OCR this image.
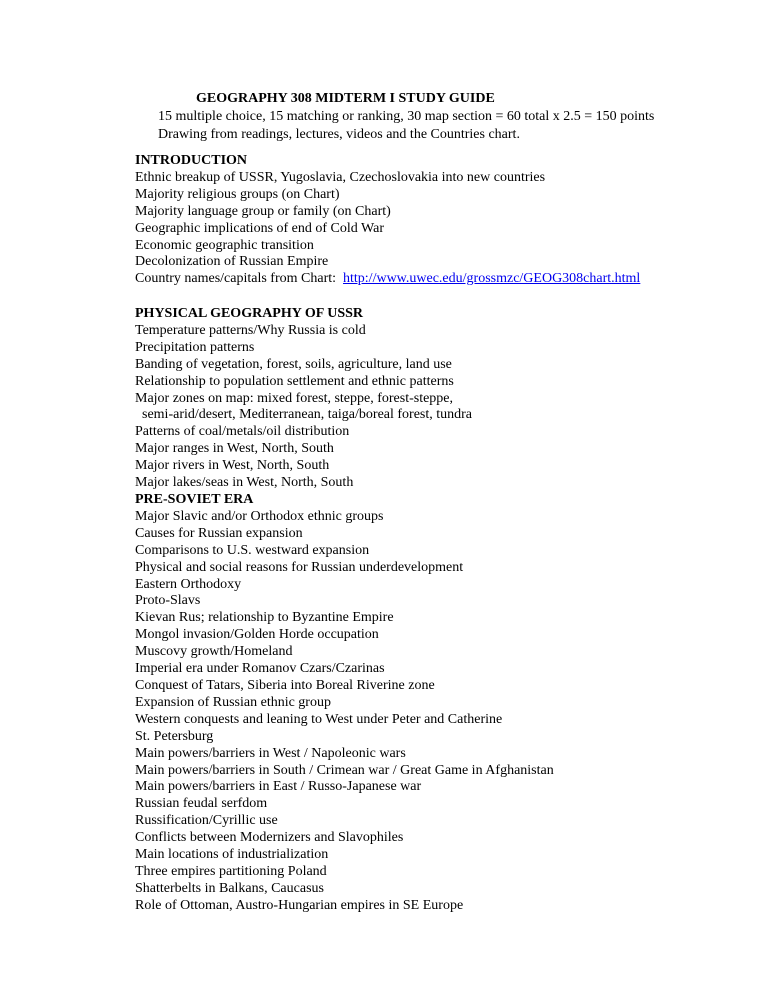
GEOGRAPHY 308 MIDTERM I STUDY GUIDE
15 multiple choice, 15 matching or ranking, 30 map section = 60 total x 2.5 = 150 points
Drawing from readings, lectures, videos and the Countries chart.
INTRODUCTION
Ethnic breakup of USSR, Yugoslavia, Czechoslovakia into new countries
Majority religious groups (on Chart)
Majority language group or family (on Chart)
Geographic implications of end of Cold War
Economic geographic transition
Decolonization of Russian Empire
Country names/capitals from Chart:  http://www.uwec.edu/grossmzc/GEOG308chart.html
PHYSICAL GEOGRAPHY OF USSR
Temperature patterns/Why Russia is cold
Precipitation patterns
Banding of vegetation, forest, soils, agriculture, land use
Relationship to population settlement and ethnic patterns
Major zones on map: mixed forest, steppe, forest-steppe,
semi-arid/desert, Mediterranean, taiga/boreal forest, tundra
Patterns of coal/metals/oil distribution
Major ranges in West, North, South
Major rivers in West, North, South
Major lakes/seas in West, North, South
PRE-SOVIET ERA
Major Slavic and/or Orthodox ethnic groups
Causes for Russian expansion
Comparisons to U.S. westward expansion
Physical and social reasons for Russian underdevelopment
Eastern Orthodoxy
Proto-Slavs
Kievan Rus; relationship to Byzantine Empire
Mongol invasion/Golden Horde occupation
Muscovy growth/Homeland
Imperial era under Romanov Czars/Czarinas
Conquest of Tatars, Siberia into Boreal Riverine zone
Expansion of Russian ethnic group
Western conquests and leaning to West under Peter and Catherine
St. Petersburg
Main powers/barriers in West / Napoleonic wars
Main powers/barriers in South / Crimean war / Great Game in Afghanistan
Main powers/barriers in East / Russo-Japanese war
Russian feudal serfdom
Russification/Cyrillic use
Conflicts between Modernizers and Slavophiles
Main locations of industrialization
Three empires partitioning Poland
Shatterbelts in Balkans, Caucasus
Role of Ottoman, Austro-Hungarian empires in SE Europe
